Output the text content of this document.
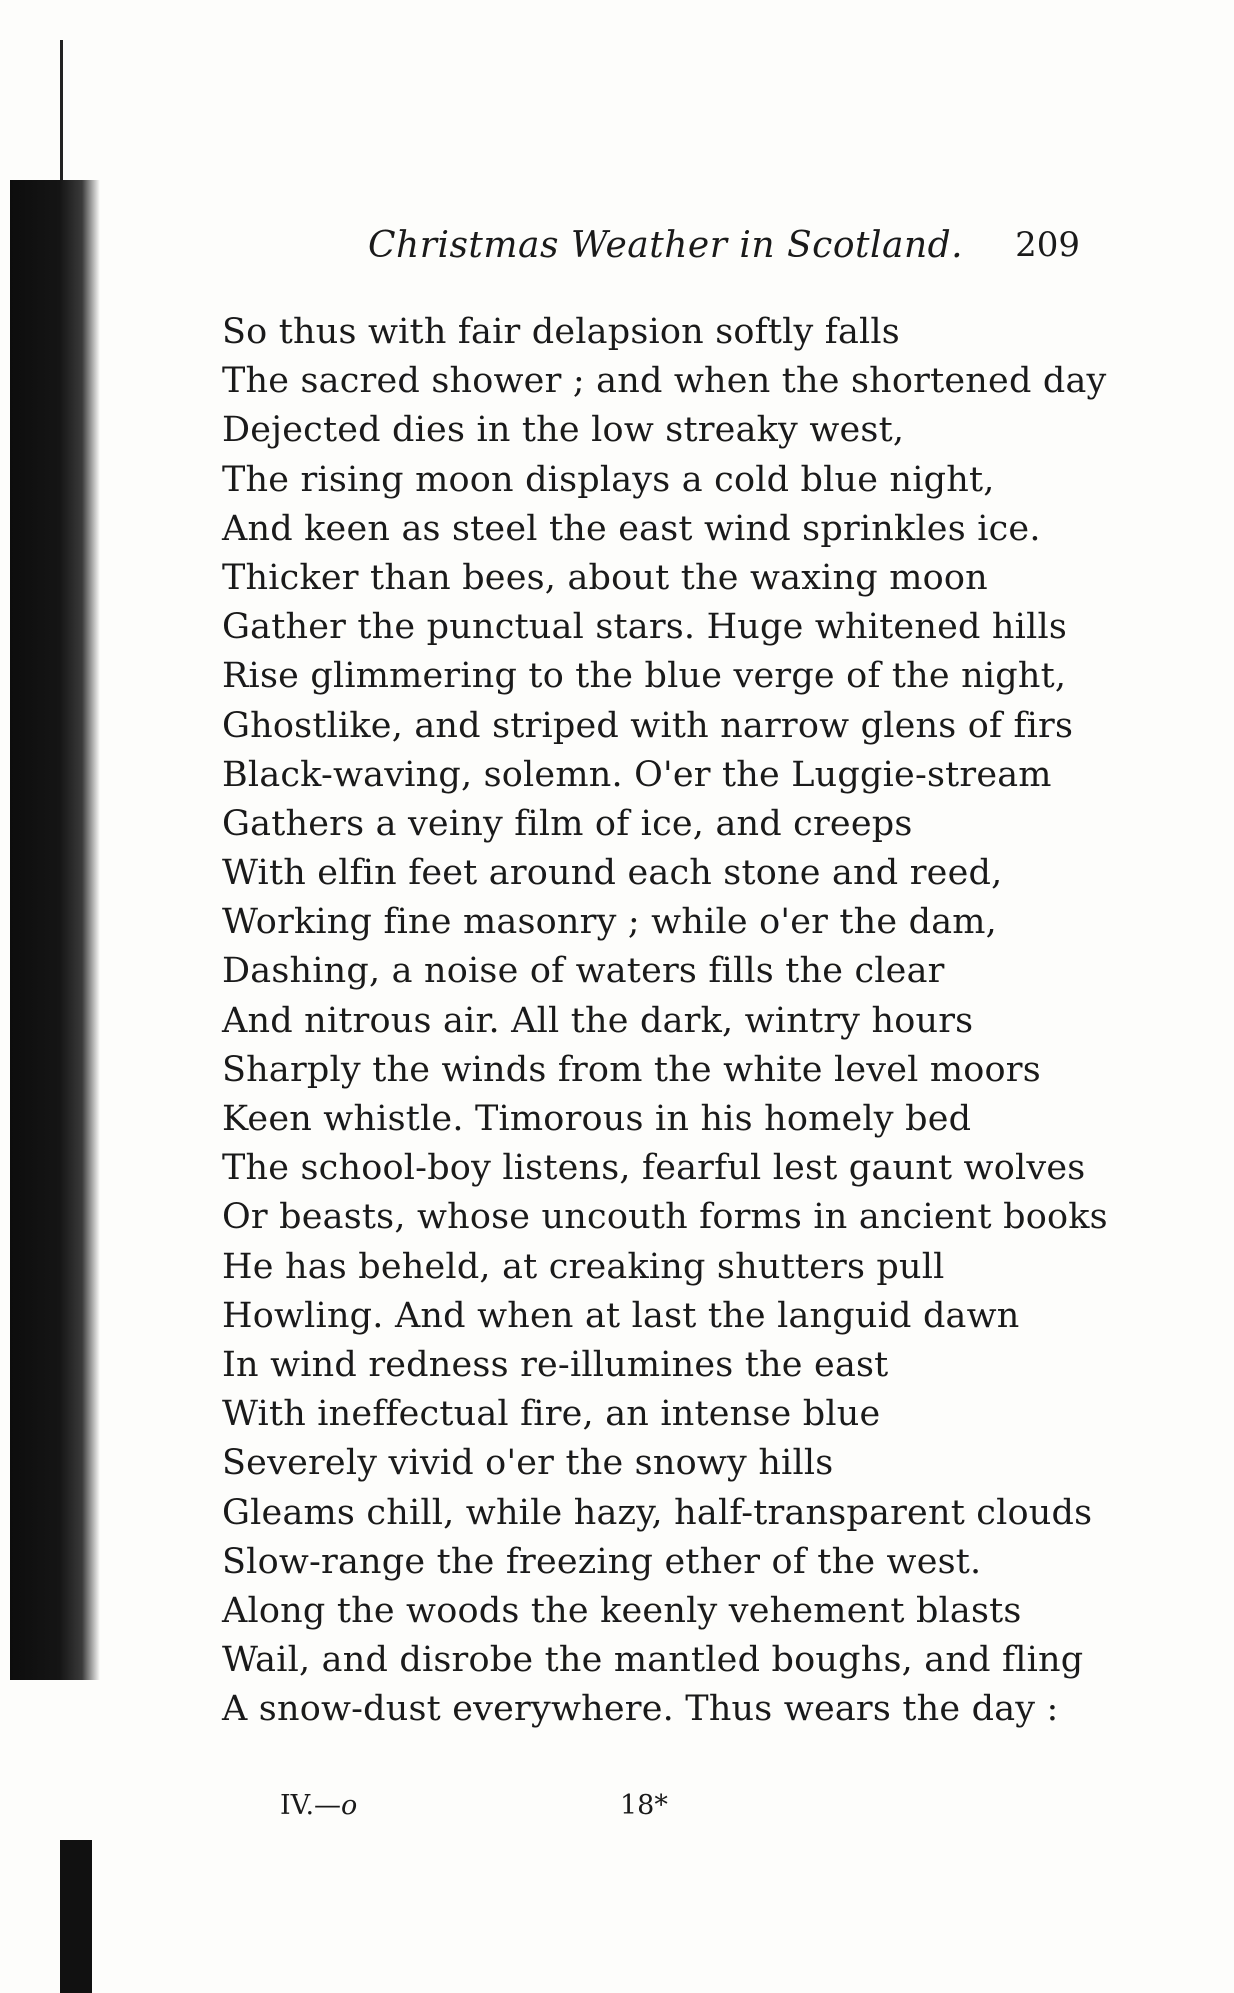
Christmas Weather in Scotland. 209
So thus with fair delapsion softly falls
The sacred shower ; and when the shortened day
Dejected dies in the low streaky west,
The rising moon displays a cold blue night,
And keen as steel the east wind sprinkles ice.
Thicker than bees, about the waxing moon
Gather the punctual stars. Huge whitened hills
Rise glimmering to the blue verge of the night,
Ghostlike, and striped with narrow glens of firs
Black-waving, solemn. O'er the Luggie-stream
Gathers a veiny film of ice, and creeps
With elfin feet around each stone and reed,
Working fine masonry ; while o'er the dam,
Dashing, a noise of waters fills the clear
And nitrous air. All the dark, wintry hours
Sharply the winds from the white level moors
Keen whistle. Timorous in his homely bed
The school-boy listens, fearful lest gaunt wolves
Or beasts, whose uncouth forms in ancient books
He has beheld, at creaking shutters pull
Howling. And when at last the languid dawn
In wind redness re-illumines the east
With ineffectual fire, an intense blue
Severely vivid o'er the snowy hills
Gleams chill, while hazy, half-transparent clouds
Slow-range the freezing ether of the west.
Along the woods the keenly vehement blasts
Wail, and disrobe the mantled boughs, and fling
A snow-dust everywhere. Thus wears the day :
IV.—o	18*
